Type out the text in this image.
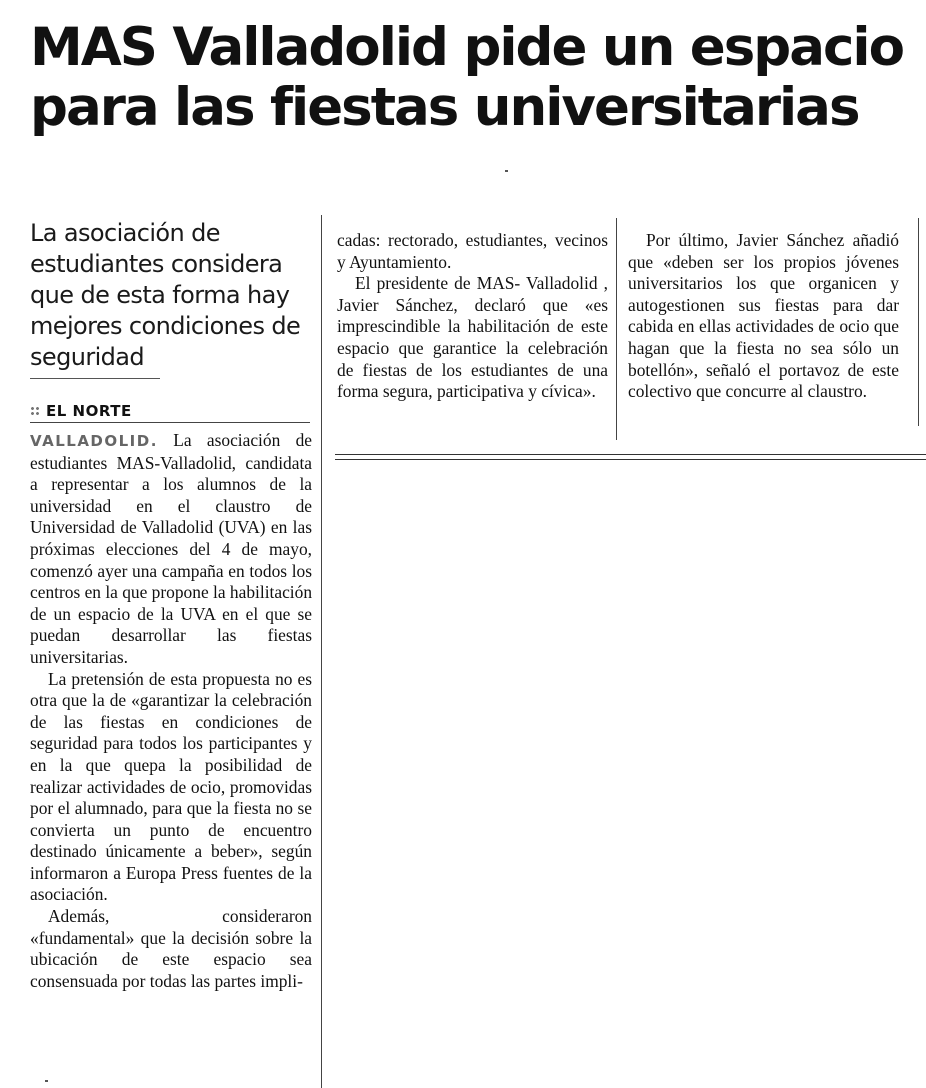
MAS Valladolid pide un espacio
para las fiestas universitarias
La asociación de estudiantes considera que de esta forma hay mejores condiciones de seguridad
EL NORTE

VALLADOLID. La asociación de estudiantes MAS-Valladolid, candidata a representar a los alumnos de la universidad en el claustro de Universidad de Valladolid (UVA) en las próximas elecciones del 4 de mayo, comenzó ayer una campaña en todos los centros en la que propone la habilitación de un espacio de la UVA en el que se puedan desarrollar las fiestas universitarias.

La pretensión de esta propuesta no es otra que la de «garantizar la celebración de las fiestas en condiciones de seguridad para todos los participantes y en la que quepa la posibilidad de realizar actividades de ocio, promovidas por el alumnado, para que la fiesta no se convierta un punto de encuentro destinado únicamente a beber», según informaron a Europa Press fuentes de la asociación.

Además, consideraron «fundamental» que la decisión sobre la ubicación de este espacio sea consensuada por todas las partes impli-

cadas: rectorado, estudiantes, vecinos y Ayuntamiento.

El presidente de MAS- Valladolid , Javier Sánchez, declaró que «es imprescindible la habilitación de este espacio que garantice la celebración de fiestas de los estudiantes de una forma segura, participativa y cívica».

Por último, Javier Sánchez añadió que «deben ser los propios jóvenes universitarios los que organicen y autogestionen sus fiestas para dar cabida en ellas actividades de ocio que hagan que la fiesta no sea sólo un botellón», señaló el portavoz de este colectivo que concurre al claustro.
